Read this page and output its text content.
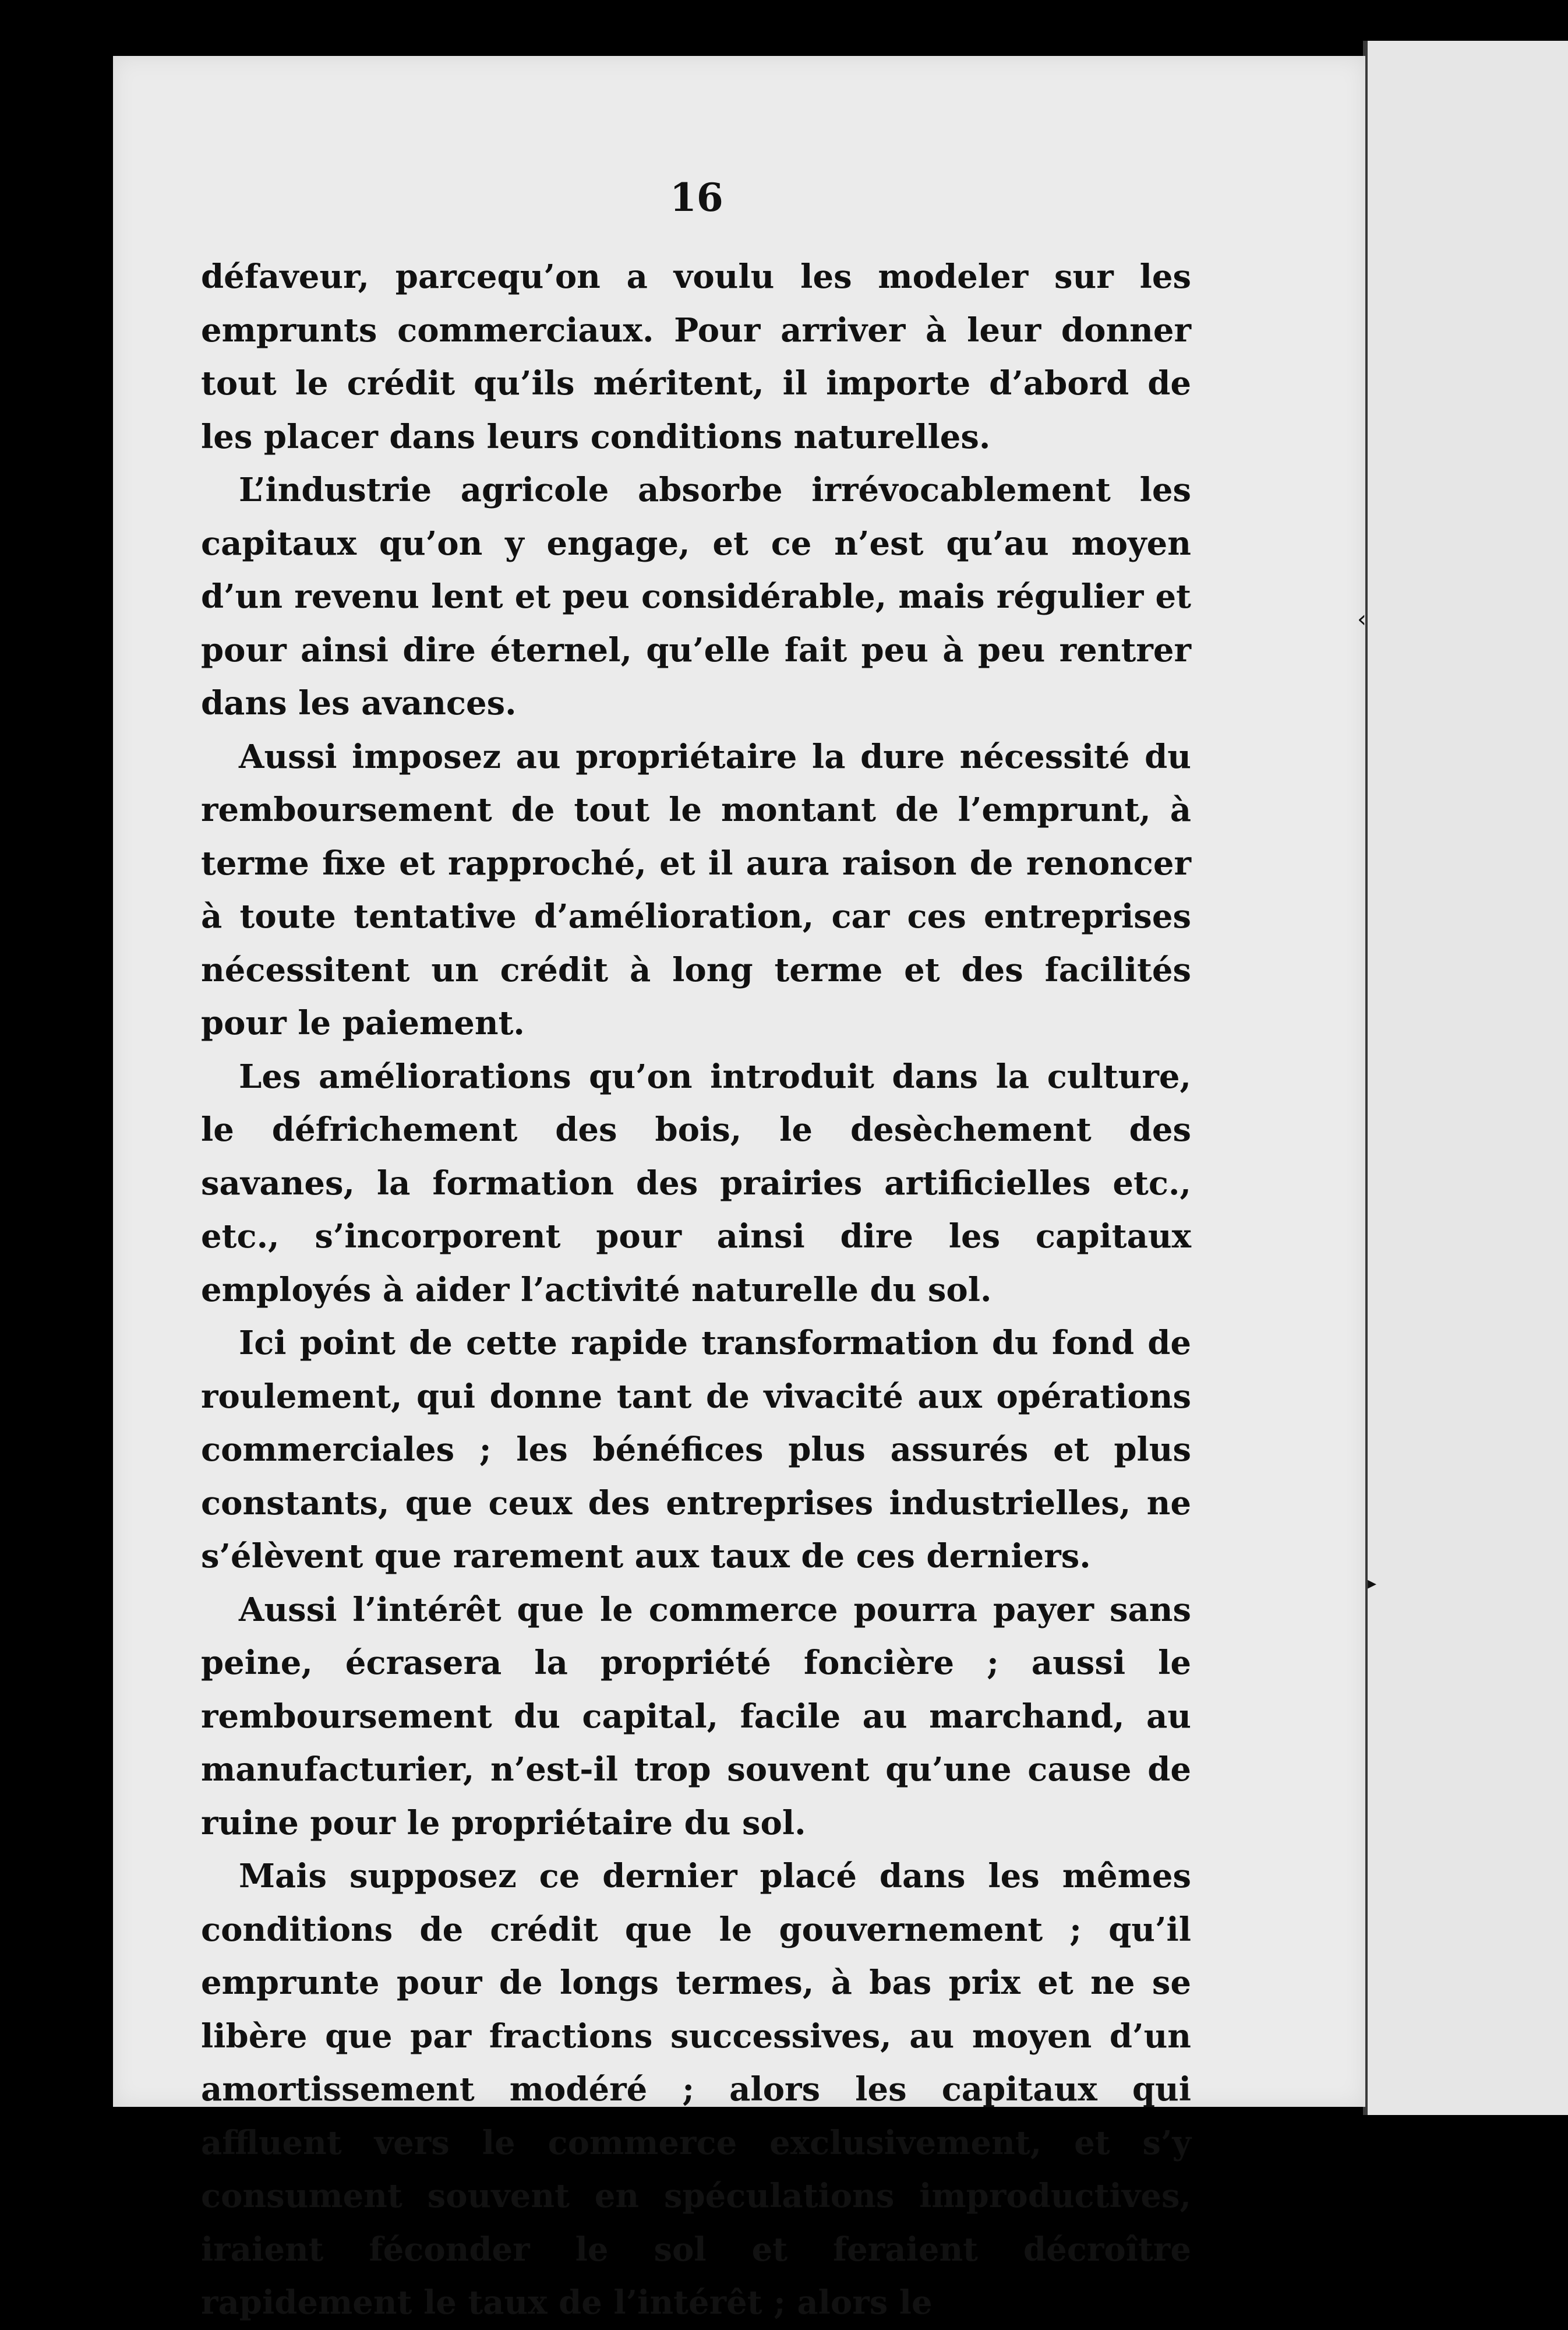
‹
▸
16

défaveur, parcequ’on a voulu les modeler sur les emprunts commerciaux. Pour arriver à leur donner tout le crédit qu’ils méritent, il importe d’abord de les placer dans leurs conditions naturelles.

L’industrie agricole absorbe irrévocablement les capitaux qu’on y engage, et ce n’est qu’au moyen d’un revenu lent et peu considérable, mais régulier et pour ainsi dire éternel, qu’elle fait peu à peu rentrer dans les avances.

Aussi imposez au propriétaire la dure nécessité du remboursement de tout le montant de l’emprunt, à terme fixe et rapproché, et il aura raison de renoncer à toute tentative d’amélioration, car ces entreprises nécessitent un crédit à long terme et des facilités pour le paiement.

Les améliorations qu’on introduit dans la culture, le défrichement des bois, le desèchement des savanes, la formation des prairies artificielles etc., etc., s’incorporent pour ainsi dire les capitaux employés à aider l’activité naturelle du sol.

Ici point de cette rapide transformation du fond de roulement, qui donne tant de vivacité aux opérations commerciales ; les bénéfices plus assurés et plus constants, que ceux des entreprises industrielles, ne s’élèvent que rarement aux taux de ces derniers.

Aussi l’intérêt que le commerce pourra payer sans peine, écrasera la propriété foncière ; aussi le remboursement du capital, facile au marchand, au manufacturier, n’est-il trop souvent qu’une cause de ruine pour le propriétaire du sol.

Mais supposez ce dernier placé dans les mêmes conditions de crédit que le gouvernement ; qu’il emprunte pour de longs termes, à bas prix et ne se libère que par fractions successives, au moyen d’un amortissement modéré ; alors les capitaux qui affluent vers le commerce exclusivement, et s’y consument souvent en spéculations improductives, iraient féconder le sol et feraient décroître rapidement le taux de l’intérêt ; alors le
